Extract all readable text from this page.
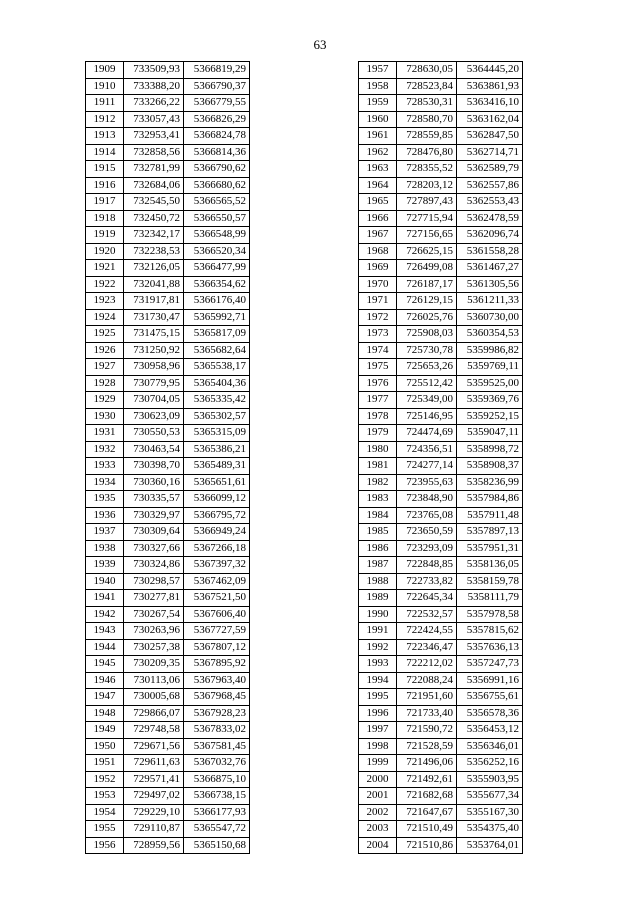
63
1909	733509,93	5366819,29
1910	733388,20	5366790,37
1911	733266,22	5366779,55
1912	733057,43	5366826,29
1913	732953,41	5366824,78
1914	732858,56	5366814,36
1915	732781,99	5366790,62
1916	732684,06	5366680,62
1917	732545,50	5366565,52
1918	732450,72	5366550,57
1919	732342,17	5366548,99
1920	732238,53	5366520,34
1921	732126,05	5366477,99
1922	732041,88	5366354,62
1923	731917,81	5366176,40
1924	731730,47	5365992,71
1925	731475,15	5365817,09
1926	731250,92	5365682,64
1927	730958,96	5365538,17
1928	730779,95	5365404,36
1929	730704,05	5365335,42
1930	730623,09	5365302,57
1931	730550,53	5365315,09
1932	730463,54	5365386,21
1933	730398,70	5365489,31
1934	730360,16	5365651,61
1935	730335,57	5366099,12
1936	730329,97	5366795,72
1937	730309,64	5366949,24
1938	730327,66	5367266,18
1939	730324,86	5367397,32
1940	730298,57	5367462,09
1941	730277,81	5367521,50
1942	730267,54	5367606,40
1943	730263,96	5367727,59
1944	730257,38	5367807,12
1945	730209,35	5367895,92
1946	730113,06	5367963,40
1947	730005,68	5367968,45
1948	729866,07	5367928,23
1949	729748,58	5367833,02
1950	729671,56	5367581,45
1951	729611,63	5367032,76
1952	729571,41	5366875,10
1953	729497,02	5366738,15
1954	729229,10	5366177,93
1955	729110,87	5365547,72
1956	728959,56	5365150,68
1957	728630,05	5364445,20
1958	728523,84	5363861,93
1959	728530,31	5363416,10
1960	728580,70	5363162,04
1961	728559,85	5362847,50
1962	728476,80	5362714,71
1963	728355,52	5362589,79
1964	728203,12	5362557,86
1965	727897,43	5362553,43
1966	727715,94	5362478,59
1967	727156,65	5362096,74
1968	726625,15	5361558,28
1969	726499,08	5361467,27
1970	726187,17	5361305,56
1971	726129,15	5361211,33
1972	726025,76	5360730,00
1973	725908,03	5360354,53
1974	725730,78	5359986,82
1975	725653,26	5359769,11
1976	725512,42	5359525,00
1977	725349,00	5359369,76
1978	725146,95	5359252,15
1979	724474,69	5359047,11
1980	724356,51	5358998,72
1981	724277,14	5358908,37
1982	723955,63	5358236,99
1983	723848,90	5357984,86
1984	723765,08	5357911,48
1985	723650,59	5357897,13
1986	723293,09	5357951,31
1987	722848,85	5358136,05
1988	722733,82	5358159,78
1989	722645,34	5358111,79
1990	722532,57	5357978,58
1991	722424,55	5357815,62
1992	722346,47	5357636,13
1993	722212,02	5357247,73
1994	722088,24	5356991,16
1995	721951,60	5356755,61
1996	721733,40	5356578,36
1997	721590,72	5356453,12
1998	721528,59	5356346,01
1999	721496,06	5356252,16
2000	721492,61	5355903,95
2001	721682,68	5355677,34
2002	721647,67	5355167,30
2003	721510,49	5354375,40
2004	721510,86	5353764,01
